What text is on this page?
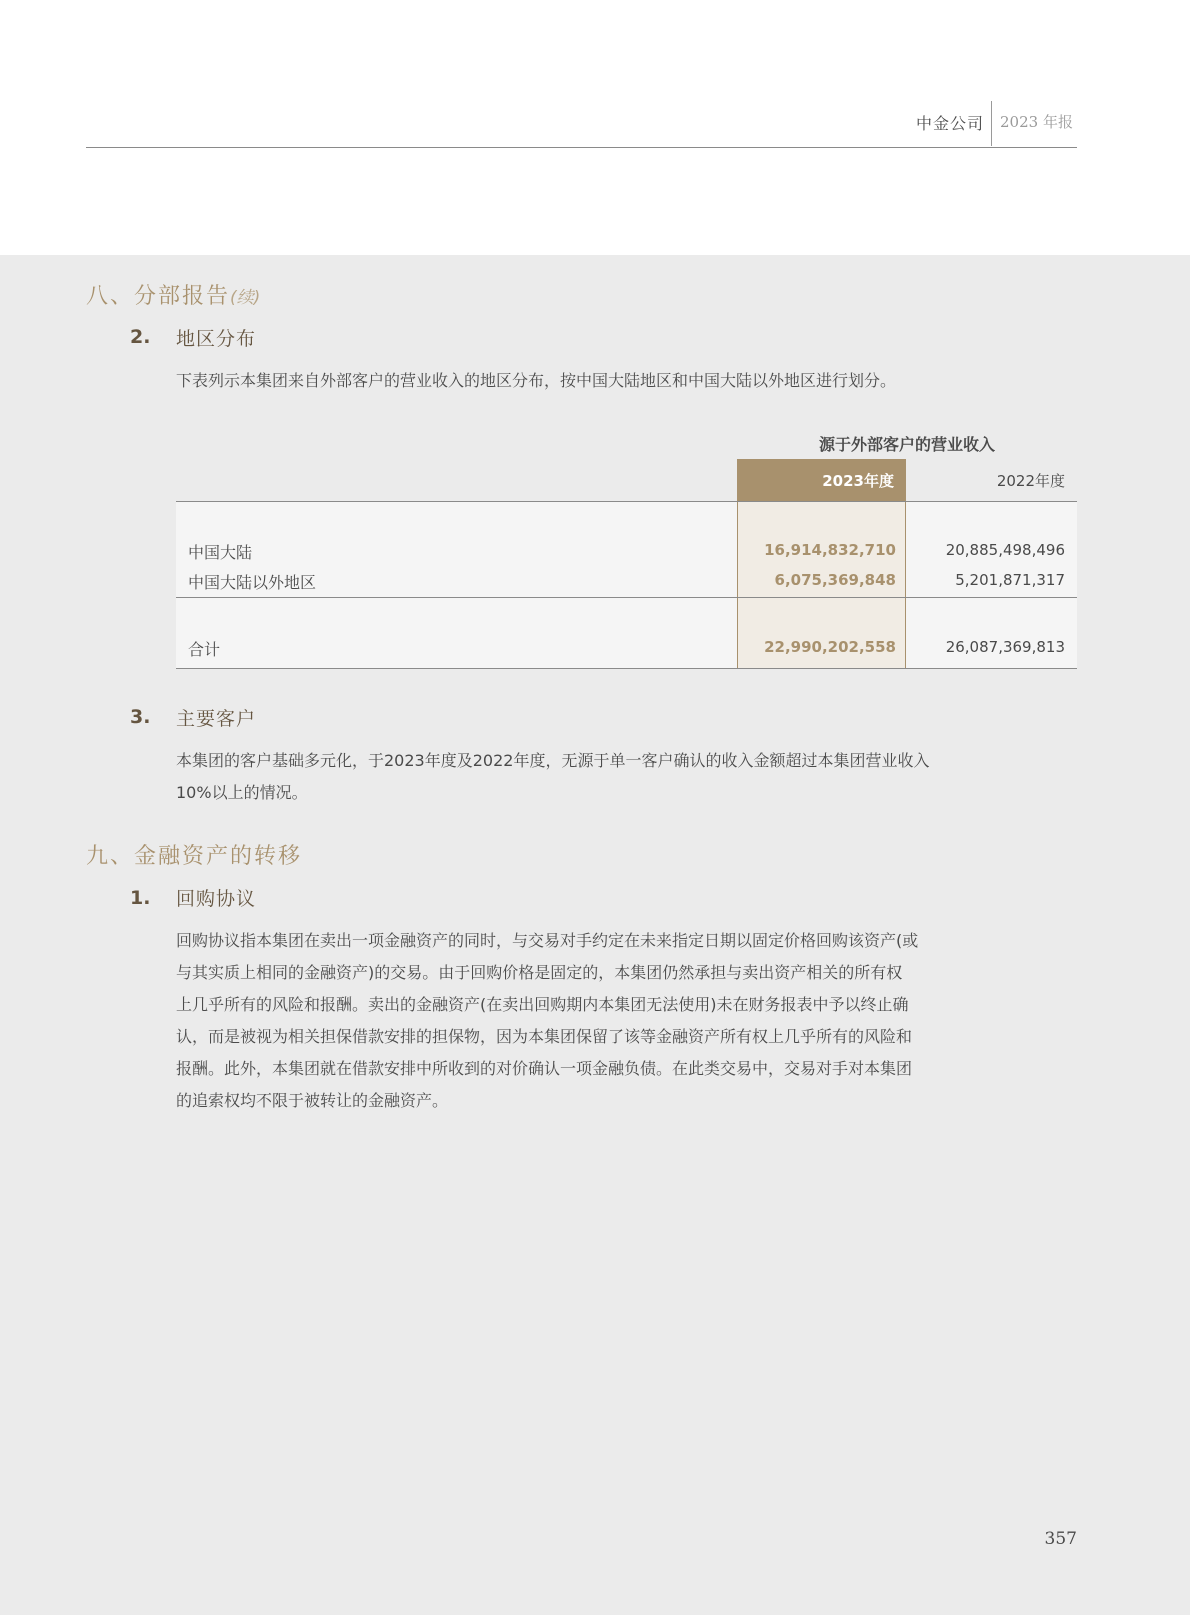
中金公司 2023 年报
八、分部报告(续)
2. 地区分布
下表列示本集团来自外部客户的营业收入的地区分布，按中国大陆地区和中国大陆以外地区进行划分。
源于外部客户的营业收入
2023年度	2022年度
中国大陆	16,914,832,710	20,885,498,496
中国大陆以外地区	6,075,369,848	5,201,871,317
合计	22,990,202,558	26,087,369,813
3. 主要客户
本集团的客户基础多元化，于2023年度及2022年度，无源于单一客户确认的收入金额超过本集团营业收入
10%以上的情况。
九、金融资产的转移
1. 回购协议
回购协议指本集团在卖出一项金融资产的同时，与交易对手约定在未来指定日期以固定价格回购该资产(或
与其实质上相同的金融资产)的交易。由于回购价格是固定的，本集团仍然承担与卖出资产相关的所有权
上几乎所有的风险和报酬。卖出的金融资产(在卖出回购期内本集团无法使用)未在财务报表中予以终止确
认，而是被视为相关担保借款安排的担保物，因为本集团保留了该等金融资产所有权上几乎所有的风险和
报酬。此外，本集团就在借款安排中所收到的对价确认一项金融负债。在此类交易中，交易对手对本集团
的追索权均不限于被转让的金融资产。
357
